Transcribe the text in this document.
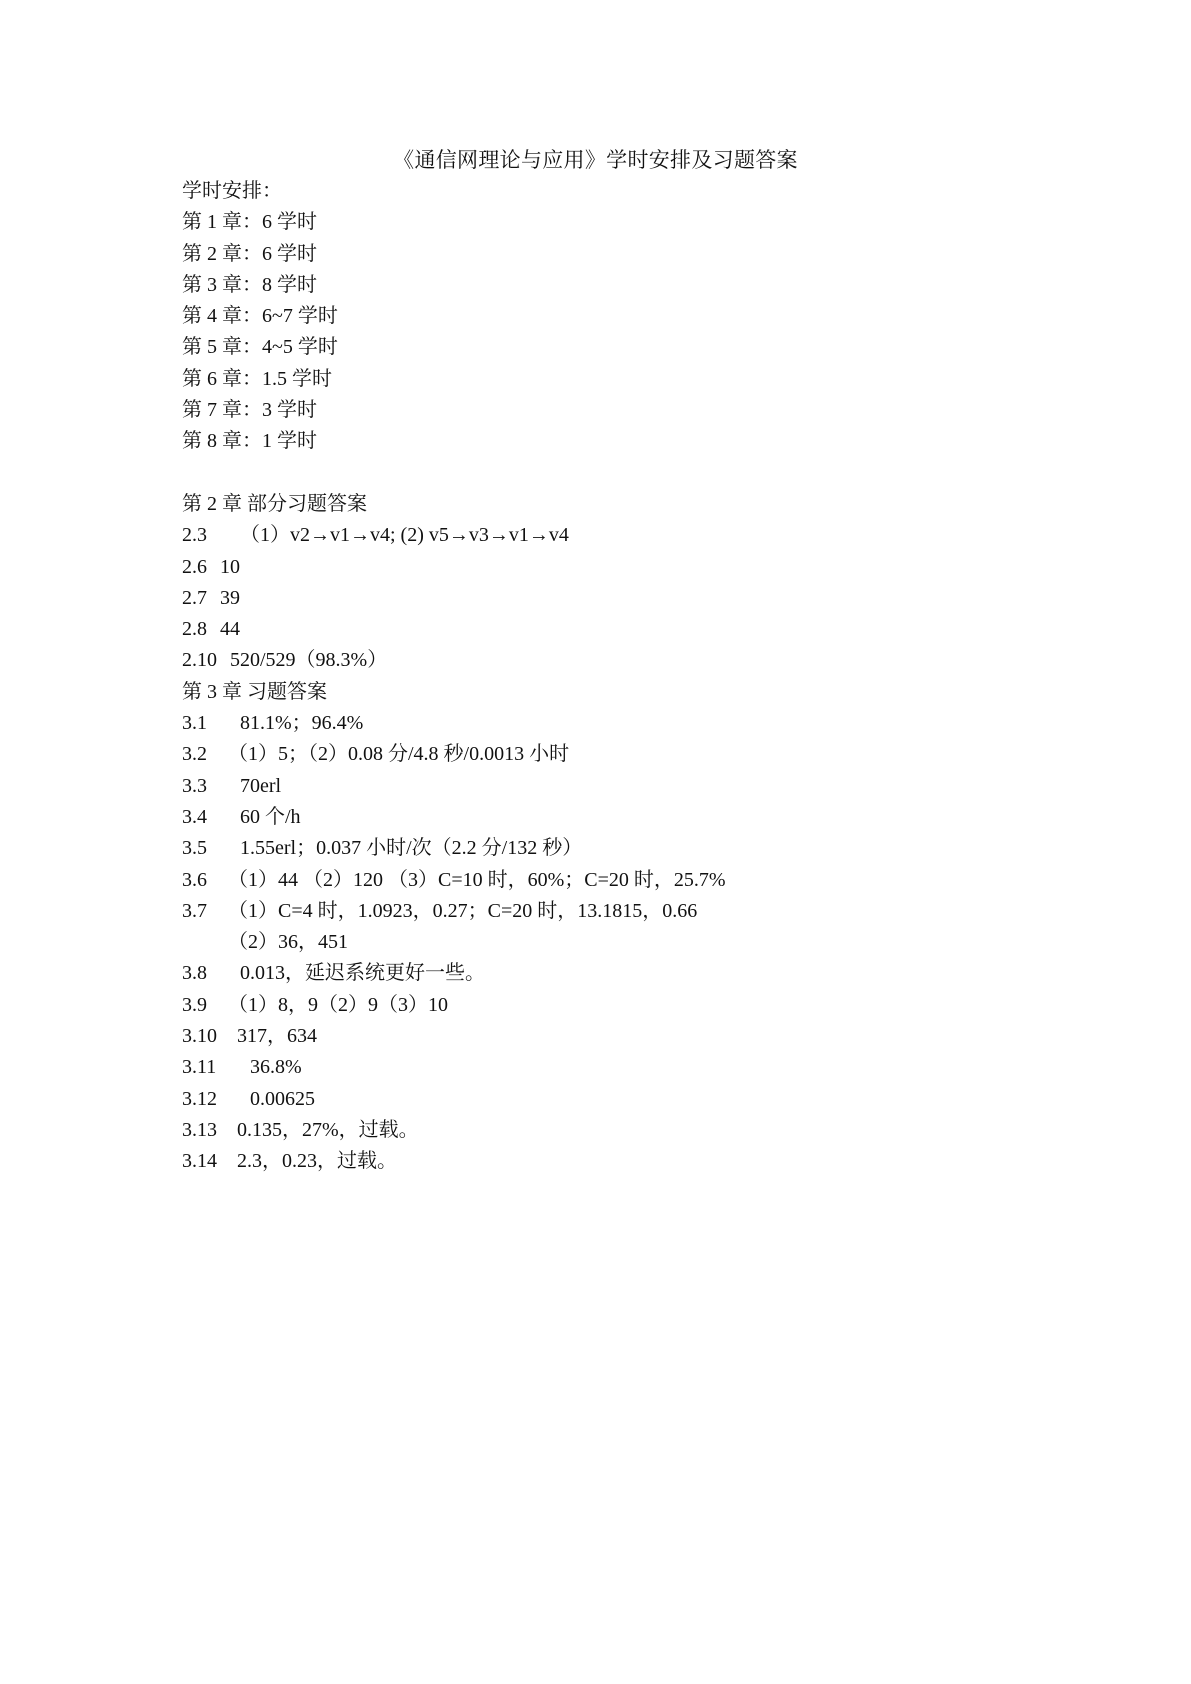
《通信网理论与应用》学时安排及习题答案
学时安排：
第 1 章：6 学时
第 2 章：6 学时
第 3 章：8 学时
第 4 章：6~7 学时
第 5 章：4~5 学时
第 6 章：1.5 学时
第 7 章：3 学时
第 8 章：1 学时
第 2 章 部分习题答案
2.3 （1）v2→v1→v4; (2) v5→v3→v1→v4
2.6 10
2.7 39
2.8 44
2.10 520/529（98.3%）
第 3 章 习题答案
3.1 81.1%；96.4%
3.2 （1）5；（2）0.08 分/4.8 秒/0.0013 小时
3.3 70erl
3.4 60 个/h
3.5 1.55erl；0.037 小时/次（2.2 分/132 秒）
3.6 （1）44 （2）120 （3）C=10 时，60%；C=20 时，25.7%
3.7 （1）C=4 时，1.0923，0.27；C=20 时，13.1815，0.66
（2）36，451
3.8 0.013，延迟系统更好一些。
3.9 （1）8，9（2）9（3）10
3.10 317，634
3.11 36.8%
3.12 0.00625
3.13 0.135，27%，过载。
3.14 2.3，0.23，过载。
